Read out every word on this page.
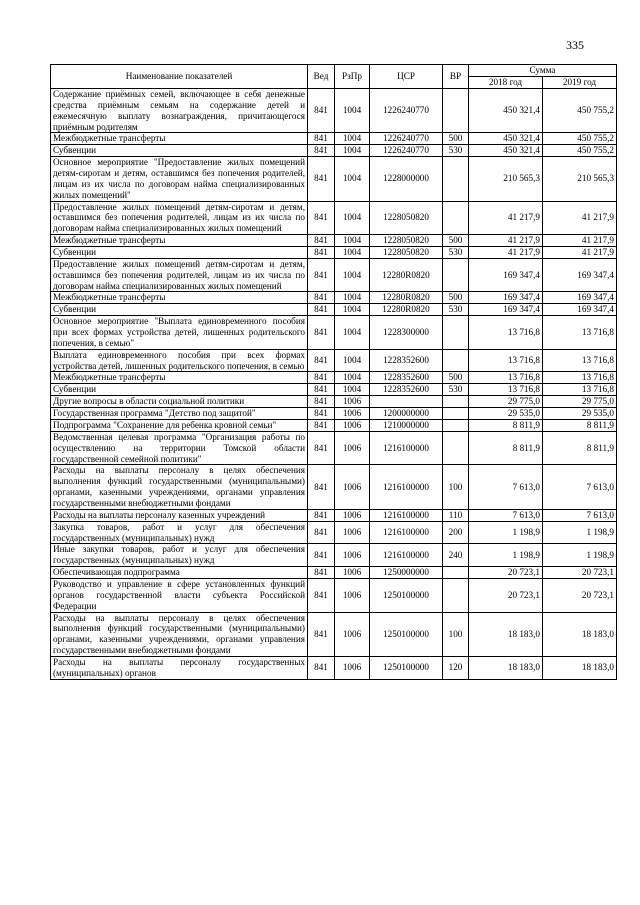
335
Наименование показателей	Вед	РзПр	ЦСР	ВР	Сумма	
					2018 год	2019 год
Содержание приёмных семей, включающее в себя денежные средства приёмным семьям на содержание детей и ежемесячную выплату вознаграждения, причитающегося приёмным родителям	841	1004	1226240770		450 321,4	450 755,2
Межбюджетные трансферты	841	1004	1226240770	500	450 321,4	450 755,2
Субвенции	841	1004	1226240770	530	450 321,4	450 755,2
Основное мероприятие "Предоставление жилых помещений детям-сиротам и детям, оставшимся без попечения родителей, лицам из их числа по договорам найма специализированных жилых помещений"	841	1004	1228000000		210 565,3	210 565,3
Предоставление жилых помещений детям-сиротам и детям, оставшимся без попечения родителей, лицам из их числа по договорам найма специализированных жилых помещений	841	1004	1228050820		41 217,9	41 217,9
Межбюджетные трансферты	841	1004	1228050820	500	41 217,9	41 217,9
Субвенции	841	1004	1228050820	530	41 217,9	41 217,9
Предоставление жилых помещений детям-сиротам и детям, оставшимся без попечения родителей, лицам из их числа по договорам найма специализированных жилых помещений	841	1004	12280R0820		169 347,4	169 347,4
Межбюджетные трансферты	841	1004	12280R0820	500	169 347,4	169 347,4
Субвенции	841	1004	12280R0820	530	169 347,4	169 347,4
Основное мероприятие "Выплата единовременного пособия при всех формах устройства детей, лишенных родительского попечения, в семью"	841	1004	1228300000		13 716,8	13 716,8
Выплата единовременного пособия при всех формах устройства детей, лишенных родительского попечения, в семью	841	1004	1228352600		13 716,8	13 716,8
Межбюджетные трансферты	841	1004	1228352600	500	13 716,8	13 716,8
Субвенции	841	1004	1228352600	530	13 716,8	13 716,8
Другие вопросы в области социальной политики	841	1006			29 775,0	29 775,0
Государственная программа "Детство под защитой"	841	1006	1200000000		29 535,0	29 535,0
Подпрограмма "Сохранение для ребенка кровной семьи"	841	1006	1210000000		8 811,9	8 811,9
Ведомственная целевая программа "Организация работы по осуществлению на территории Томской области государственной семейной политики"	841	1006	1216100000		8 811,9	8 811,9
Расходы на выплаты персоналу в целях обеспечения выполнения функций государственными (муниципальными) органами, казенными учреждениями, органами управления государственными внебюджетными фондами	841	1006	1216100000	100	7 613,0	7 613,0
Расходы на выплаты персоналу казенных учреждений	841	1006	1216100000	110	7 613,0	7 613,0
Закупка товаров, работ и услуг для обеспечения государственных (муниципальных) нужд	841	1006	1216100000	200	1 198,9	1 198,9
Иные закупки товаров, работ и услуг для обеспечения государственных (муниципальных) нужд	841	1006	1216100000	240	1 198,9	1 198,9
Обеспечивающая подпрограмма	841	1006	1250000000		20 723,1	20 723,1
Руководство и управление в сфере установленных функций органов государственной власти субъекта Российской Федерации	841	1006	1250100000		20 723,1	20 723,1
Расходы на выплаты персоналу в целях обеспечения выполнения функций государственными (муниципальными) органами, казенными учреждениями, органами управления государственными внебюджетными фондами	841	1006	1250100000	100	18 183,0	18 183,0
Расходы на выплаты персоналу государственных (муниципальных) органов	841	1006	1250100000	120	18 183,0	18 183,0
